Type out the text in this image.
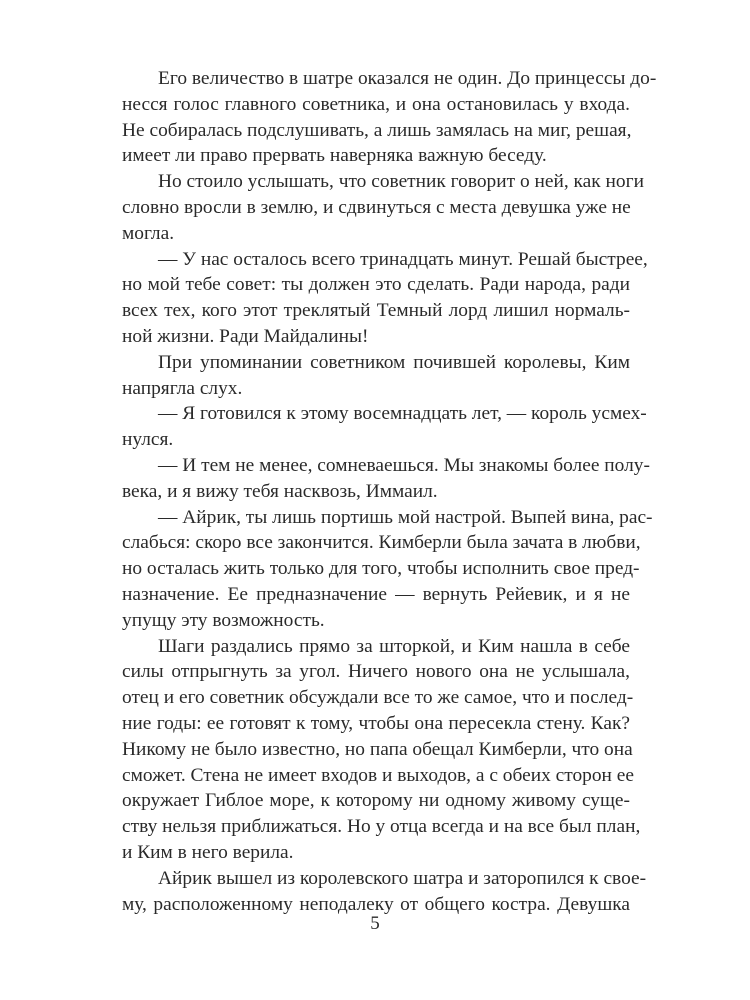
Его величество в шатре оказался не один. До принцессы до-
несся голос главного советника, и она остановилась у входа.
Не собиралась подслушивать, а лишь замялась на миг, решая,
имеет ли право прервать наверняка важную беседу.
Но стоило услышать, что советник говорит о ней, как ноги
словно вросли в землю, и сдвинуться с места девушка уже не
могла.
— У нас осталось всего тринадцать минут. Решай быстрее,
но мой тебе совет: ты должен это сделать. Ради народа, ради
всех тех, кого этот треклятый Темный лорд лишил нормаль-
ной жизни. Ради Майдалины!
При упоминании советником почившей королевы, Ким
напрягла слух.
— Я готовился к этому восемнадцать лет, — король усмех-
нулся.
— И тем не менее, сомневаешься. Мы знакомы более полу-
века, и я вижу тебя насквозь, Иммаил.
— Айрик, ты лишь портишь мой настрой. Выпей вина, рас-
слабься: скоро все закончится. Кимберли была зачата в любви,
но осталась жить только для того, чтобы исполнить свое пред-
назначение. Ее предназначение — вернуть Рейевик, и я не
упущу эту возможность.
Шаги раздались прямо за шторкой, и Ким нашла в себе
силы отпрыгнуть за угол. Ничего нового она не услышала,
отец и его советник обсуждали все то же самое, что и послед-
ние годы: ее готовят к тому, чтобы она пересекла стену. Как?
Никому не было известно, но папа обещал Кимберли, что она
сможет. Стена не имеет входов и выходов, а с обеих сторон ее
окружает Гиблое море, к которому ни одному живому суще-
ству нельзя приближаться. Но у отца всегда и на все был план,
и Ким в него верила.
Айрик вышел из королевского шатра и заторопился к свое-
му, расположенному неподалеку от общего костра. Девушка
5
